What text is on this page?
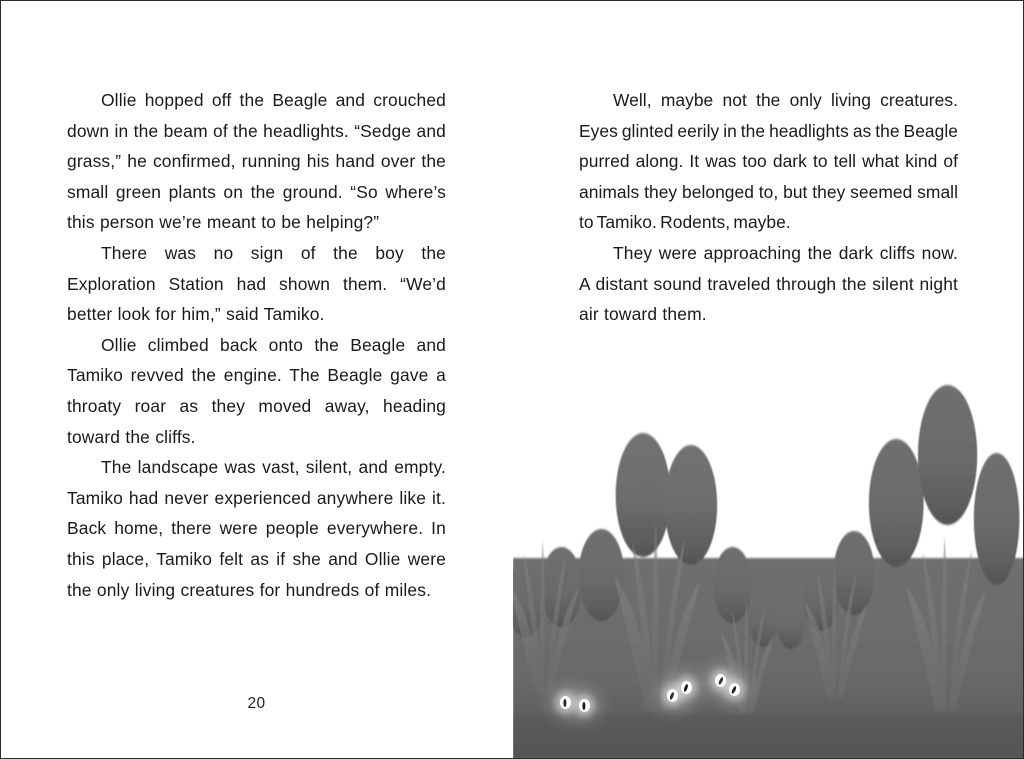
Ollie hopped off the Beagle and crouched down in the beam of the headlights. “Sedge and grass,” he confirmed, running his hand over the small green plants on the ground. “So where’s this person we’re meant to be helping?”

There was no sign of the boy the Exploration Station had shown them. “We’d better look for him,” said Tamiko.

Ollie climbed back onto the Beagle and Tamiko revved the engine. The Beagle gave a throaty roar as they moved away, heading toward the cliffs.

The landscape was vast, silent, and empty. Tamiko had never experienced anywhere like it. Back home, there were people everywhere. In this place, Tamiko felt as if she and Ollie were the only living creatures for hundreds of miles.

20

Well, maybe not the only living creatures. Eyes glinted eerily in the headlights as the Beagle purred along. It was too dark to tell what kind of animals they belonged to, but they seemed small to Tamiko. Rodents, maybe.

They were approaching the dark cliffs now. A distant sound traveled through the silent night air toward them.
